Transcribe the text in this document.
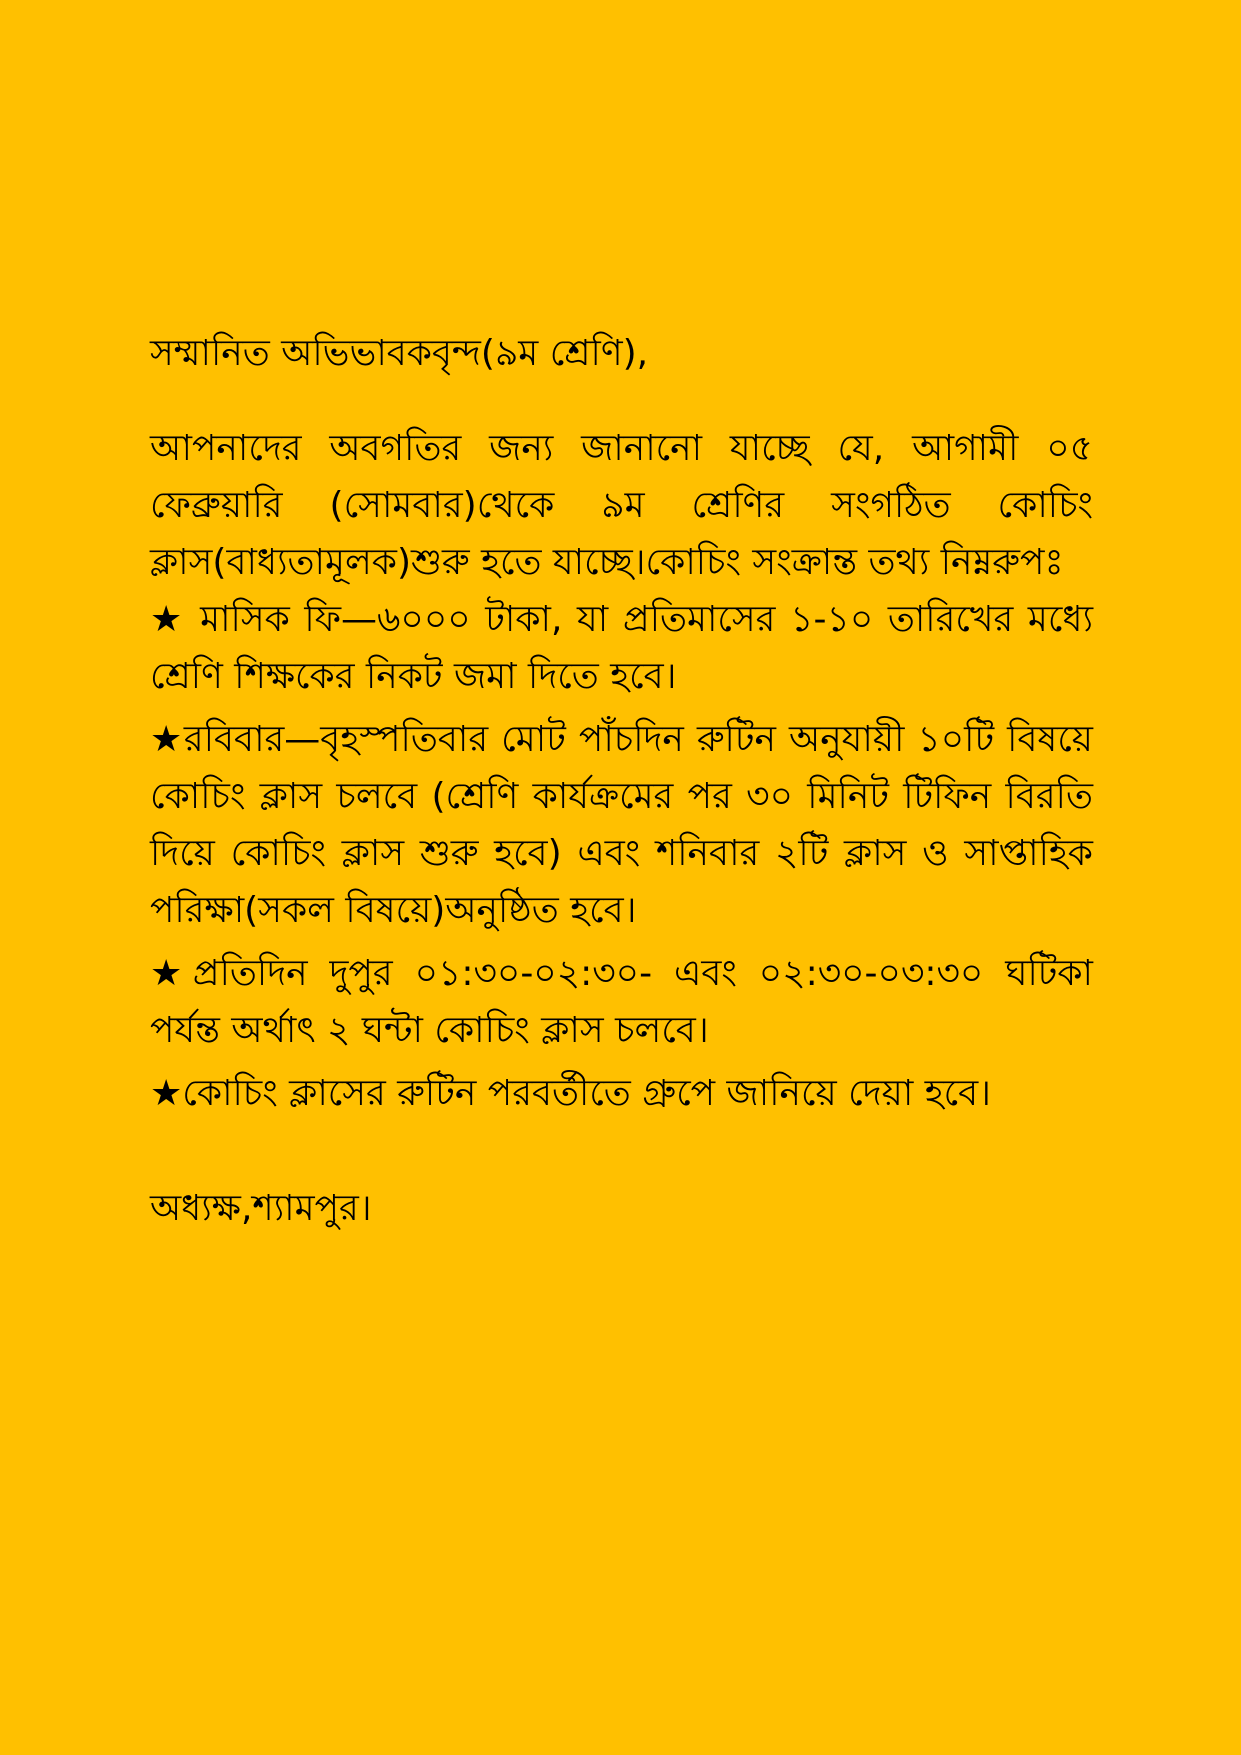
সম্মানিত অভিভাবকবৃন্দ(৯ম শ্রেণি),

আপনাদের অবগতির জন্য জানানো যাচ্ছে যে, আগামী ০৫ ফেব্রুয়ারি (সোমবার)থেকে ৯ম শ্রেণির সংগঠিত কোচিং ক্লাস(বাধ্যতামূলক)শুরু হতে যাচ্ছে।কোচিং সংক্রান্ত তথ্য নিম্নরুপঃ

★ মাসিক ফি—৬০০০ টাকা, যা প্রতিমাসের ১-১০ তারিখের মধ্যে শ্রেণি শিক্ষকের নিকট জমা দিতে হবে।

★রবিবার—বৃহস্পতিবার মোট পাঁচদিন রুটিন অনুযায়ী ১০টি বিষয়ে কোচিং ক্লাস চলবে (শ্রেণি কার্যক্রমের পর ৩০ মিনিট টিফিন বিরতি দিয়ে কোচিং ক্লাস শুরু হবে) এবং শনিবার ২টি ক্লাস ও সাপ্তাহিক পরিক্ষা(সকল বিষয়ে)অনুষ্ঠিত হবে।

★প্রতিদিন দুপুর ০১:৩০-০২:৩০- এবং ০২:৩০-০৩:৩০ ঘটিকা পর্যন্ত অর্থাৎ ২ ঘন্টা কোচিং ক্লাস চলবে।

★কোচিং ক্লাসের রুটিন পরবর্তীতে গ্রুপে জানিয়ে দেয়া হবে।

অধ্যক্ষ,শ্যামপুর।
